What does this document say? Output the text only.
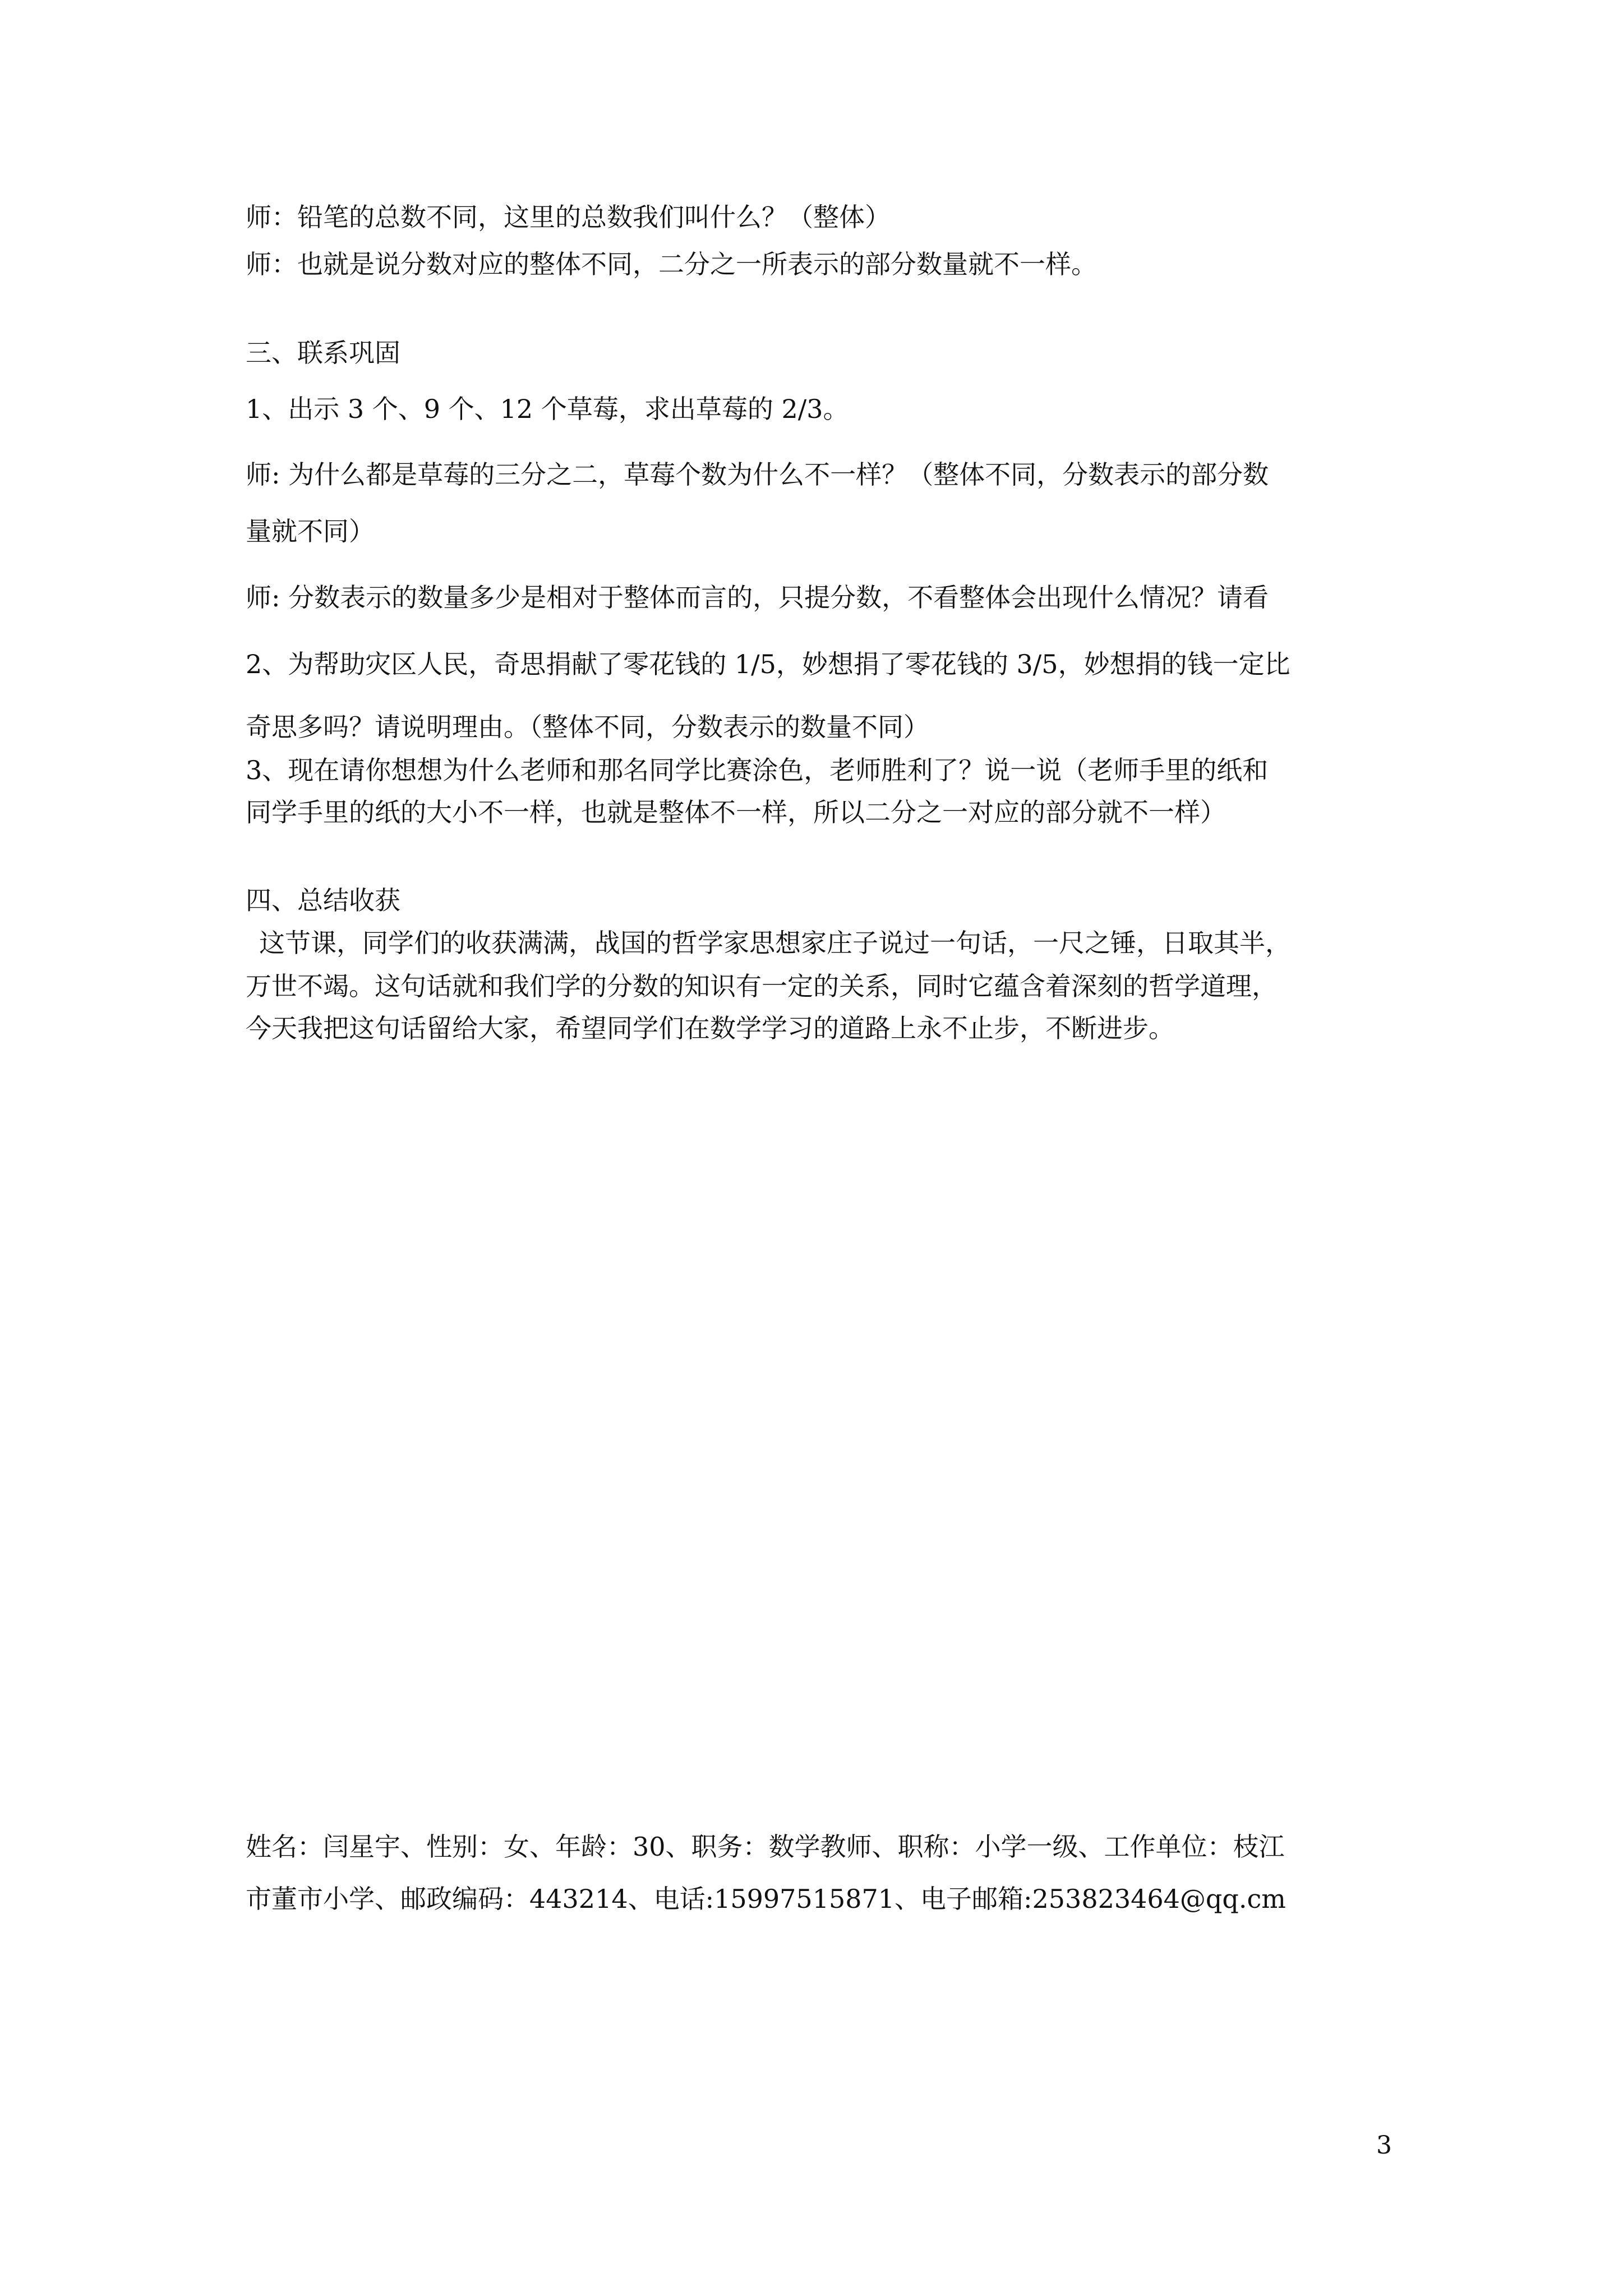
师：铅笔的总数不同，这里的总数我们叫什么？（整体）
师：也就是说分数对应的整体不同，二分之一所表示的部分数量就不一样。
三、联系巩固
1、出示 3 个、9 个、12 个草莓，求出草莓的 2/3。
师: 为什么都是草莓的三分之二，草莓个数为什么不一样？（整体不同，分数表示的部分数
量就不同）
师: 分数表示的数量多少是相对于整体而言的，只提分数，不看整体会出现什么情况？请看
2、为帮助灾区人民，奇思捐献了零花钱的 1/5，妙想捐了零花钱的 3/5，妙想捐的钱一定比
奇思多吗？请说明理由。（整体不同，分数表示的数量不同）
3、现在请你想想为什么老师和那名同学比赛涂色，老师胜利了？说一说（老师手里的纸和
同学手里的纸的大小不一样，也就是整体不一样，所以二分之一对应的部分就不一样）
四、总结收获
这节课，同学们的收获满满，战国的哲学家思想家庄子说过一句话，一尺之锤，日取其半，
万世不竭。这句话就和我们学的分数的知识有一定的关系，同时它蕴含着深刻的哲学道理，
今天我把这句话留给大家，希望同学们在数学学习的道路上永不止步，不断进步。
姓名：闫星宇、性别：女、年龄：30、职务：数学教师、职称：小学一级、工作单位：枝江
市董市小学、邮政编码：443214、电话:15997515871、电子邮箱:253823464@qq.cm
3
